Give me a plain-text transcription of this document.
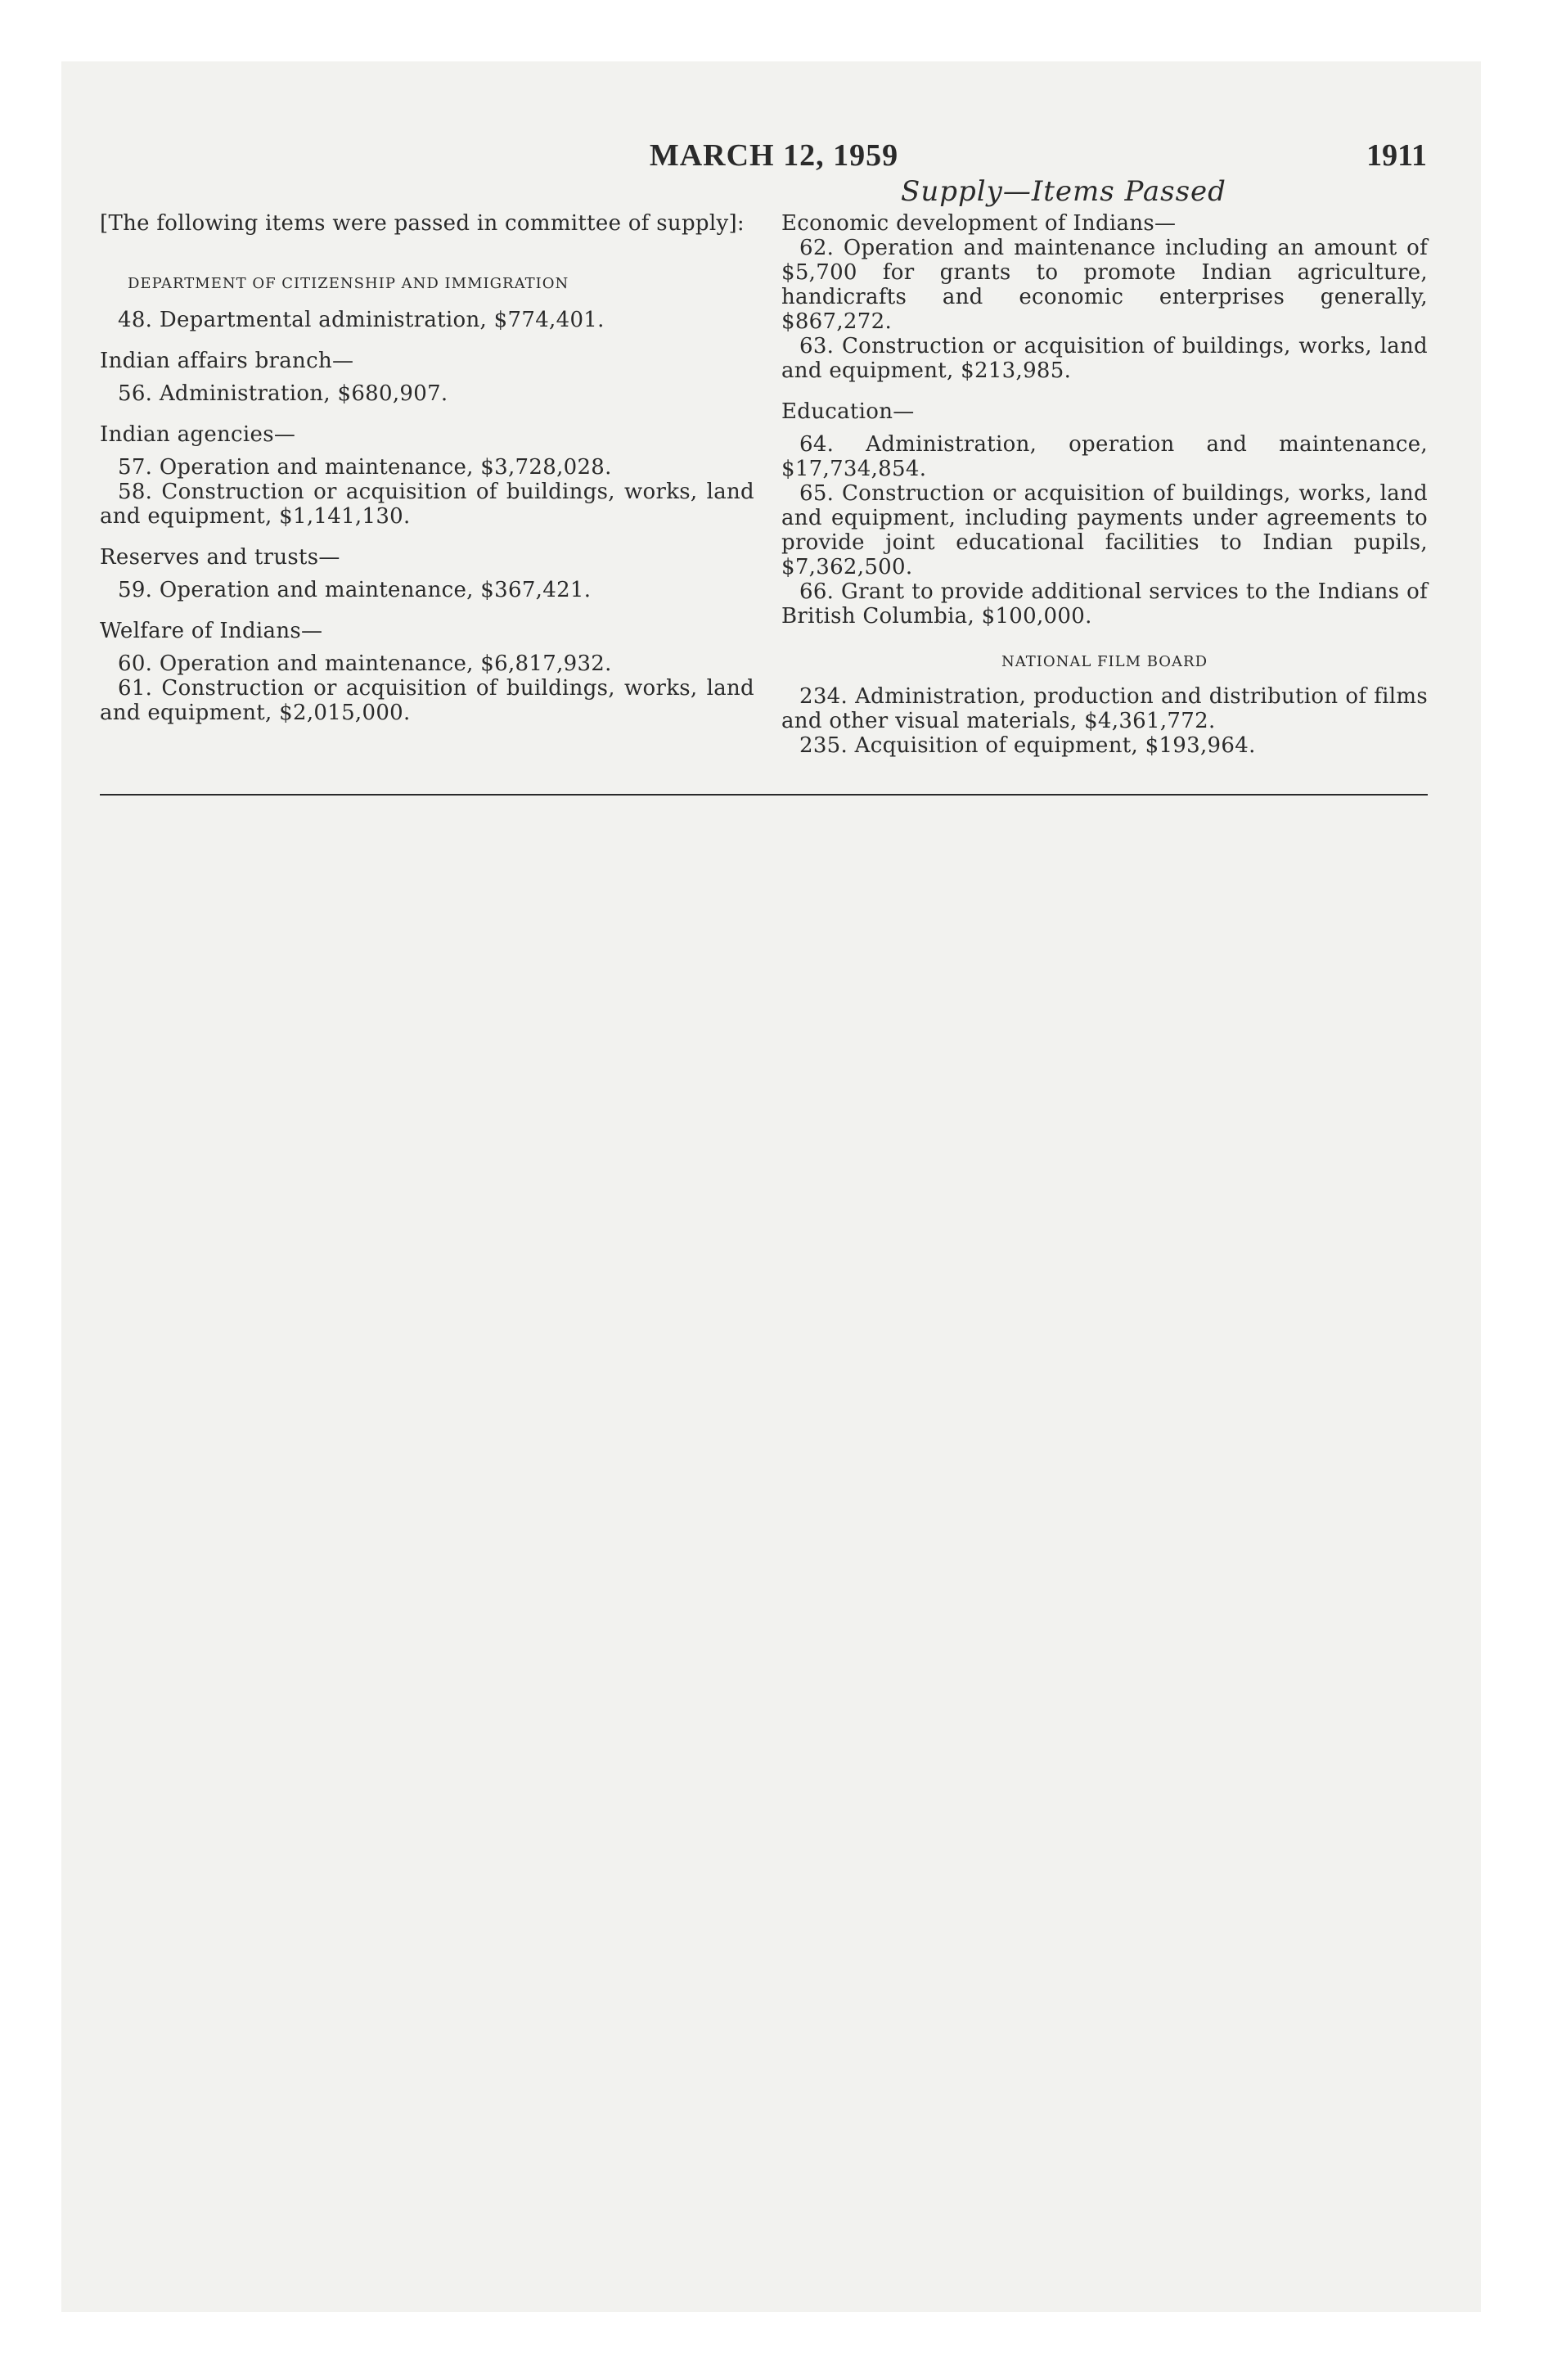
MARCH 12, 1959	1911
Supply—Items Passed

[The following items were passed in committee of supply]:

DEPARTMENT OF CITIZENSHIP AND IMMIGRATION

48. Departmental administration, $774,401.

Indian affairs branch—

56. Administration, $680,907.

Indian agencies—

57. Operation and maintenance, $3,728,028.

58. Construction or acquisition of buildings, works, land and equipment, $1,141,130.

Reserves and trusts—

59. Operation and maintenance, $367,421.

Welfare of Indians—

60. Operation and maintenance, $6,817,932.

61. Construction or acquisition of buildings, works, land and equipment, $2,015,000.

Economic development of Indians—

62. Operation and maintenance including an amount of $5,700 for grants to promote Indian agriculture, handicrafts and economic enterprises generally, $867,272.

63. Construction or acquisition of buildings, works, land and equipment, $213,985.

Education—

64. Administration, operation and maintenance, $17,734,854.

65. Construction or acquisition of buildings, works, land and equipment, including payments under agreements to provide joint educational facilities to Indian pupils, $7,362,500.

66. Grant to provide additional services to the Indians of British Columbia, $100,000.

NATIONAL FILM BOARD

234. Administration, production and distribution of films and other visual materials, $4,361,772.

235. Acquisition of equipment, $193,964.
